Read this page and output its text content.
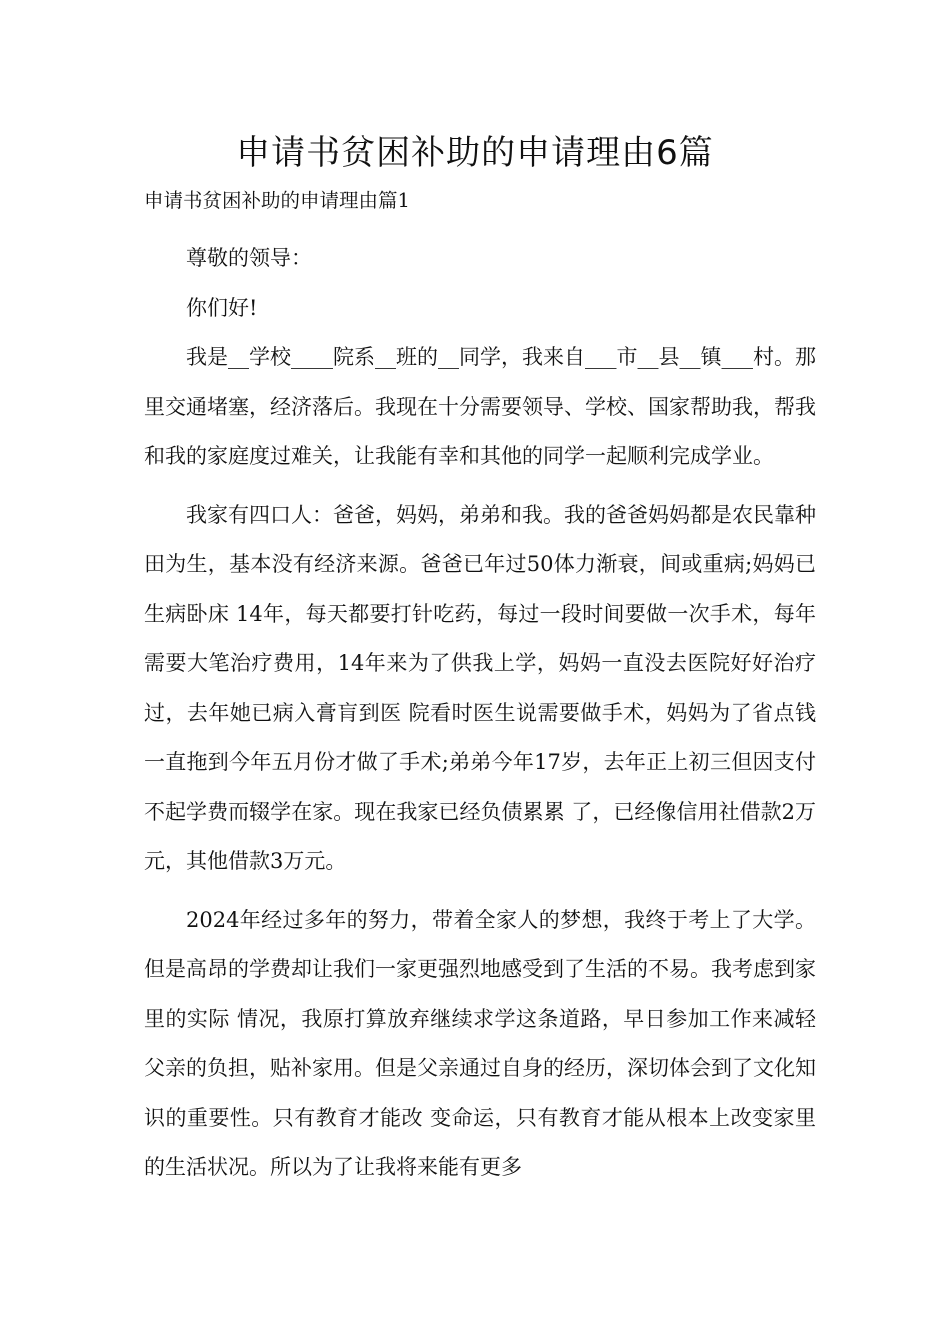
申请书贫困补助的申请理由6篇

申请书贫困补助的申请理由篇1

尊敬的领导：

你们好!

我是__学校____院系__班的__同学，我来自___市__县__镇___村。那里交通堵塞，经济落后。我现在十分需要领导、学校、国家帮助我，帮我和我的家庭度过难关，让我能有幸和其他的同学一起顺利完成学业。

我家有四口人：爸爸，妈妈，弟弟和我。我的爸爸妈妈都是农民靠种田为生，基本没有经济来源。爸爸已年过50体力渐衰，间或重病;妈妈已生病卧床 14年，每天都要打针吃药，每过一段时间要做一次手术，每年需要大笔治疗费用，14年来为了供我上学，妈妈一直没去医院好好治疗过，去年她已病入膏肓到医 院看时医生说需要做手术，妈妈为了省点钱一直拖到今年五月份才做了手术;弟弟今年17岁，去年正上初三但因支付不起学费而辍学在家。现在我家已经负债累累 了，已经像信用社借款2万元，其他借款3万元。

2024年经过多年的努力，带着全家人的梦想，我终于考上了大学。但是高昂的学费却让我们一家更强烈地感受到了生活的不易。我考虑到家里的实际 情况，我原打算放弃继续求学这条道路，早日参加工作来减轻父亲的负担，贴补家用。但是父亲通过自身的经历，深切体会到了文化知识的重要性。只有教育才能改 变命运，只有教育才能从根本上改变家里的生活状况。所以为了让我将来能有更多
